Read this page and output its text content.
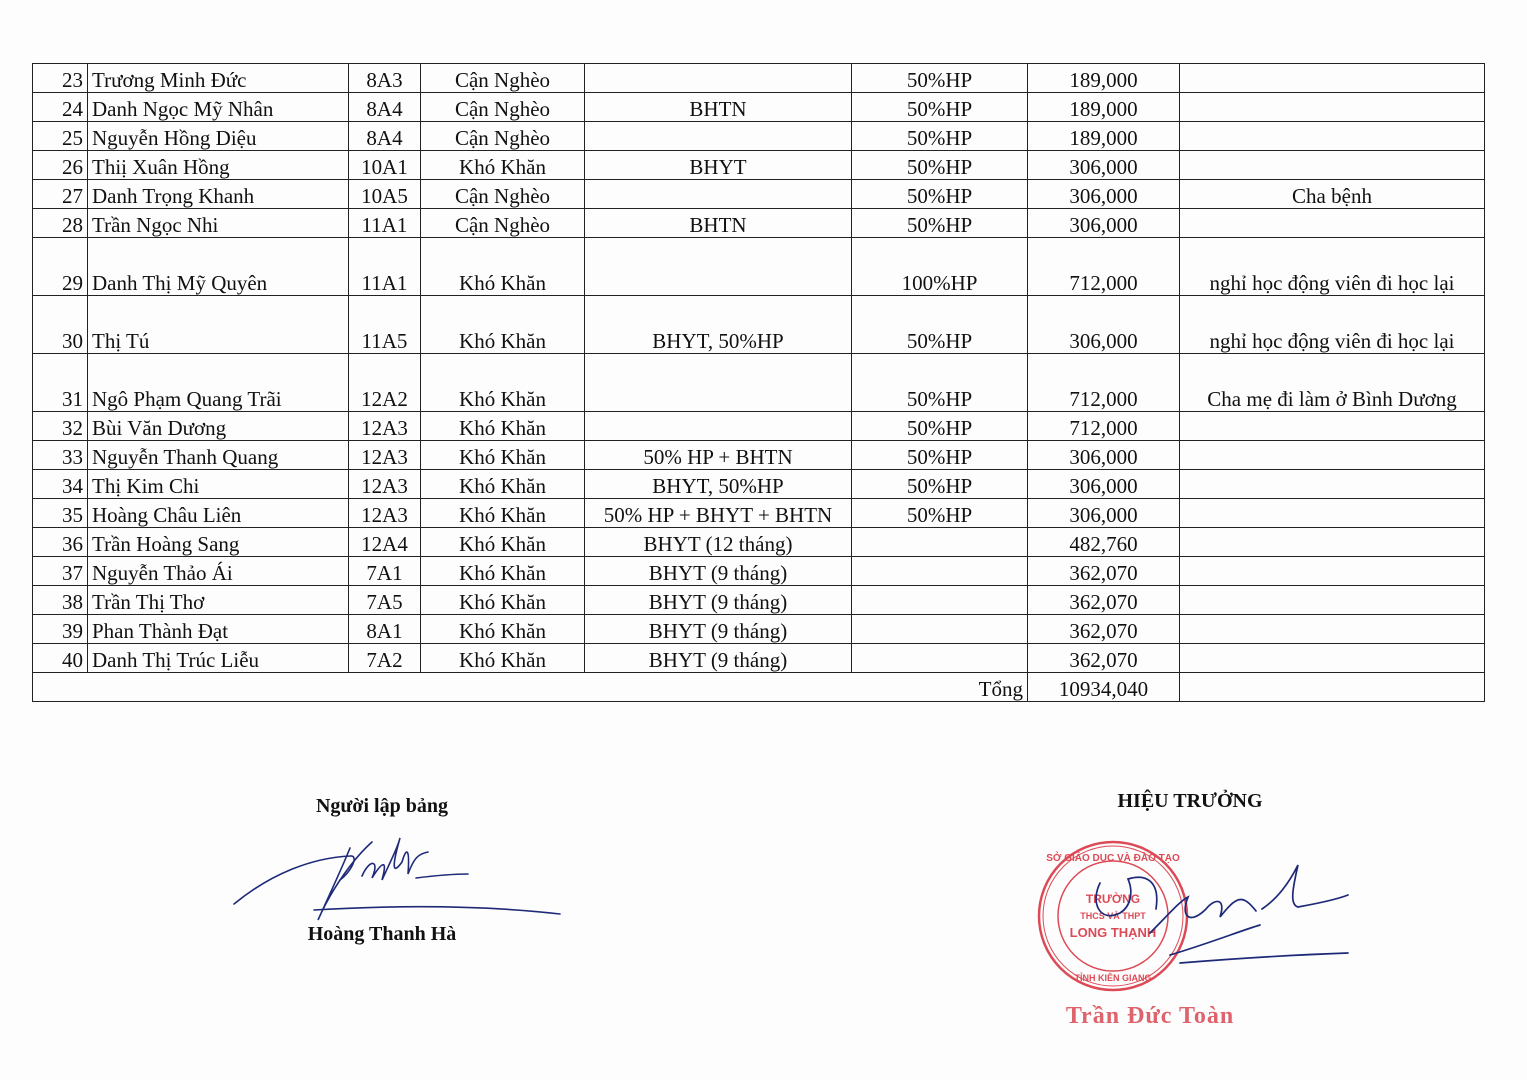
23	Trương Minh Đức	8A3	Cận Nghèo		50%HP	189,000	
24	Danh Ngọc Mỹ Nhân	8A4	Cận Nghèo	BHTN	50%HP	189,000	
25	Nguyễn Hồng Diệu	8A4	Cận Nghèo		50%HP	189,000	
26	Thiị Xuân Hồng	10A1	Khó Khăn	BHYT	50%HP	306,000	
27	Danh Trọng Khanh	10A5	Cận Nghèo		50%HP	306,000	Cha bệnh
28	Trần Ngọc Nhi	11A1	Cận Nghèo	BHTN	50%HP	306,000	
29	Danh Thị Mỹ Quyên	11A1	Khó Khăn		100%HP	712,000	nghỉ học động viên đi học lại
30	Thị Tú	11A5	Khó Khăn	BHYT, 50%HP	50%HP	306,000	nghỉ học động viên đi học lại
31	Ngô Phạm Quang Trãi	12A2	Khó Khăn		50%HP	712,000	Cha mẹ đi làm ở Bình Dương
32	Bùi Văn Dương	12A3	Khó Khăn		50%HP	712,000	
33	Nguyễn Thanh Quang	12A3	Khó Khăn	50% HP + BHTN	50%HP	306,000	
34	Thị Kim Chi	12A3	Khó Khăn	BHYT, 50%HP	50%HP	306,000	
35	Hoàng Châu Liên	12A3	Khó Khăn	50% HP + BHYT + BHTN	50%HP	306,000	
36	Trần Hoàng Sang	12A4	Khó Khăn	BHYT (12 tháng)		482,760	
37	Nguyễn Thảo Ái	7A1	Khó Khăn	BHYT (9 tháng)		362,070	
38	Trần Thị Thơ	7A5	Khó Khăn	BHYT (9 tháng)		362,070	
39	Phan Thành Đạt	8A1	Khó Khăn	BHYT (9 tháng)		362,070	
40	Danh Thị Trúc Liễu	7A2	Khó Khăn	BHYT (9 tháng)		362,070	
Tổng						10934,040	
Người lập bảng
Hoàng Thanh Hà
HIỆU TRƯỞNG
SỞ GIÁO DỤC VÀ ĐÀO TẠO
TRƯỜNG
THCS VÀ THPT
LONG THẠNH
TỈNH KIÊN GIANG
Trần Đức Toàn
